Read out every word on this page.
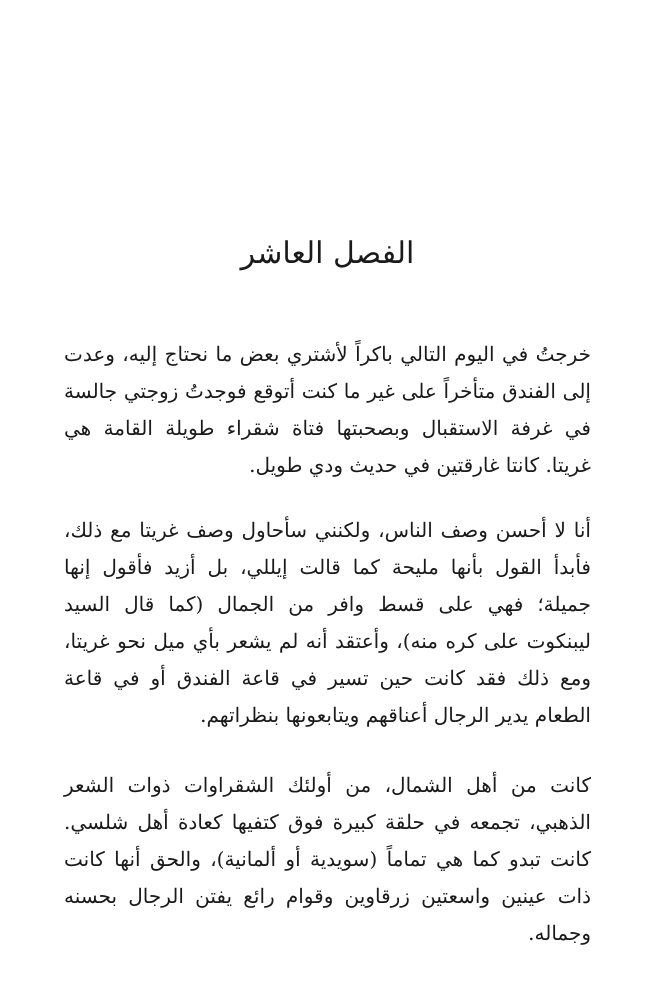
الفصل العاشر

خرجتُ في اليوم التالي باكراً لأشتري بعض ما نحتاج إليه، وعدت إلى الفندق متأخراً على غير ما كنت أتوقع فوجدتُ زوجتي جالسة في غرفة الاستقبال وبصحبتها فتاة شقراء طويلة القامة هي غريتا. كانتا غارقتين في حديث ودي طويل.

أنا لا أحسن وصف الناس، ولكنني سأحاول وصف غريتا مع ذلك، فأبدأ القول بأنها مليحة كما قالت إيللي، بل أزيد فأقول إنها جميلة؛ فهي على قسط وافر من الجمال (كما قال السيد ليبنكوت على كره منه)، وأعتقد أنه لم يشعر بأي ميل نحو غريتا، ومع ذلك فقد كانت حين تسير في قاعة الفندق أو في قاعة الطعام يدير الرجال أعناقهم ويتابعونها بنظراتهم.

كانت من أهل الشمال، من أولئك الشقراوات ذوات الشعر الذهبي، تجمعه في حلقة كبيرة فوق كتفيها كعادة أهل شلسي. كانت تبدو كما هي تماماً (سويدية أو ألمانية)، والحق أنها كانت ذات عينين واسعتين زرقاوين وقوام رائع يفتن الرجال بحسنه وجماله.
